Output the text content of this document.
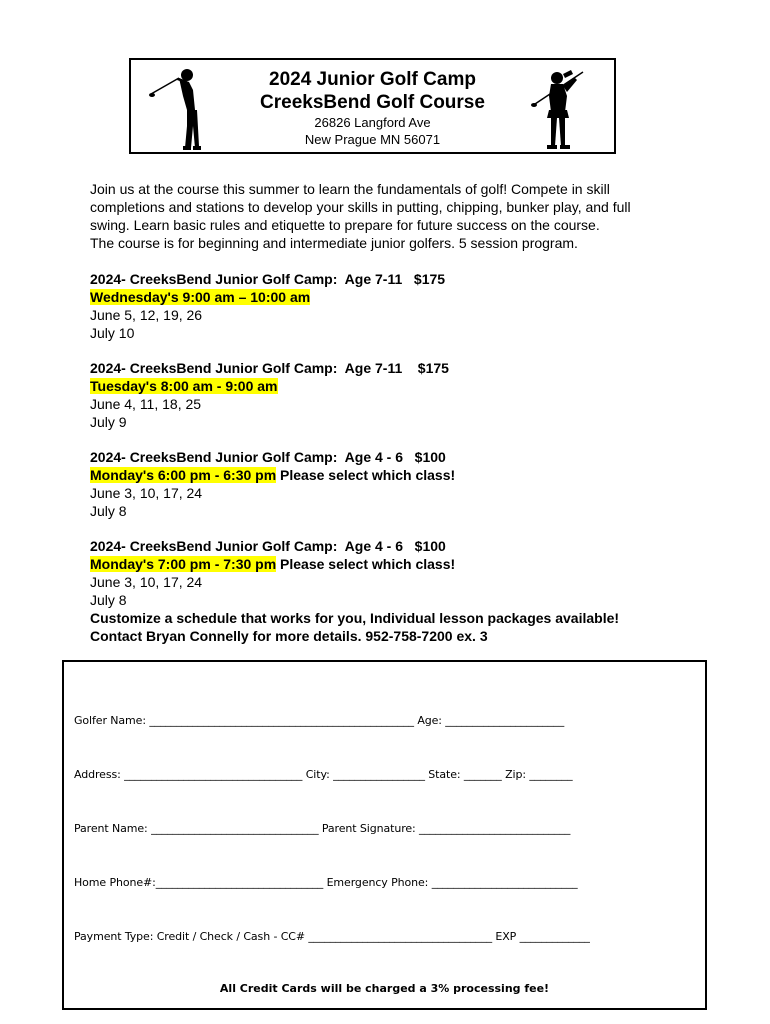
2024 Junior Golf Camp
CreeksBend Golf Course
26826 Langford Ave
New Prague MN 56071
Join us at the course this summer to learn the fundamentals of golf! Compete in skill
completions and stations to develop your skills in putting, chipping, bunker play, and full
swing. Learn basic rules and etiquette to prepare for future success on the course.
The course is for beginning and intermediate junior golfers. 5 session program.
2024- CreeksBend Junior Golf Camp:  Age 7-11   $175
Wednesday's 9:00 am – 10:00 am
June 5, 12, 19, 26
July 10
2024- CreeksBend Junior Golf Camp:  Age 7-11    $175
Tuesday's 8:00 am - 9:00 am
June 4, 11, 18, 25
July 9
2024- CreeksBend Junior Golf Camp:  Age 4 - 6   $100
Monday's 6:00 pm - 6:30 pm Please select which class!
June 3, 10, 17, 24
July 8
2024- CreeksBend Junior Golf Camp:  Age 4 - 6   $100
Monday's 7:00 pm - 7:30 pm Please select which class!
June 3, 10, 17, 24
July 8
Customize a schedule that works for you, Individual lesson packages available!
Contact Bryan Connelly for more details. 952-758-7200 ex. 3
Golfer Name: _________________________________________________ Age: ______________________
Address: _________________________________ City: _________________ State: _______ Zip: ________
Parent Name: _______________________________ Parent Signature: ____________________________
Home Phone#:_______________________________ Emergency Phone: ___________________________
Payment Type: Credit / Check / Cash - CC# __________________________________ EXP _____________
All Credit Cards will be charged a 3% processing fee!
